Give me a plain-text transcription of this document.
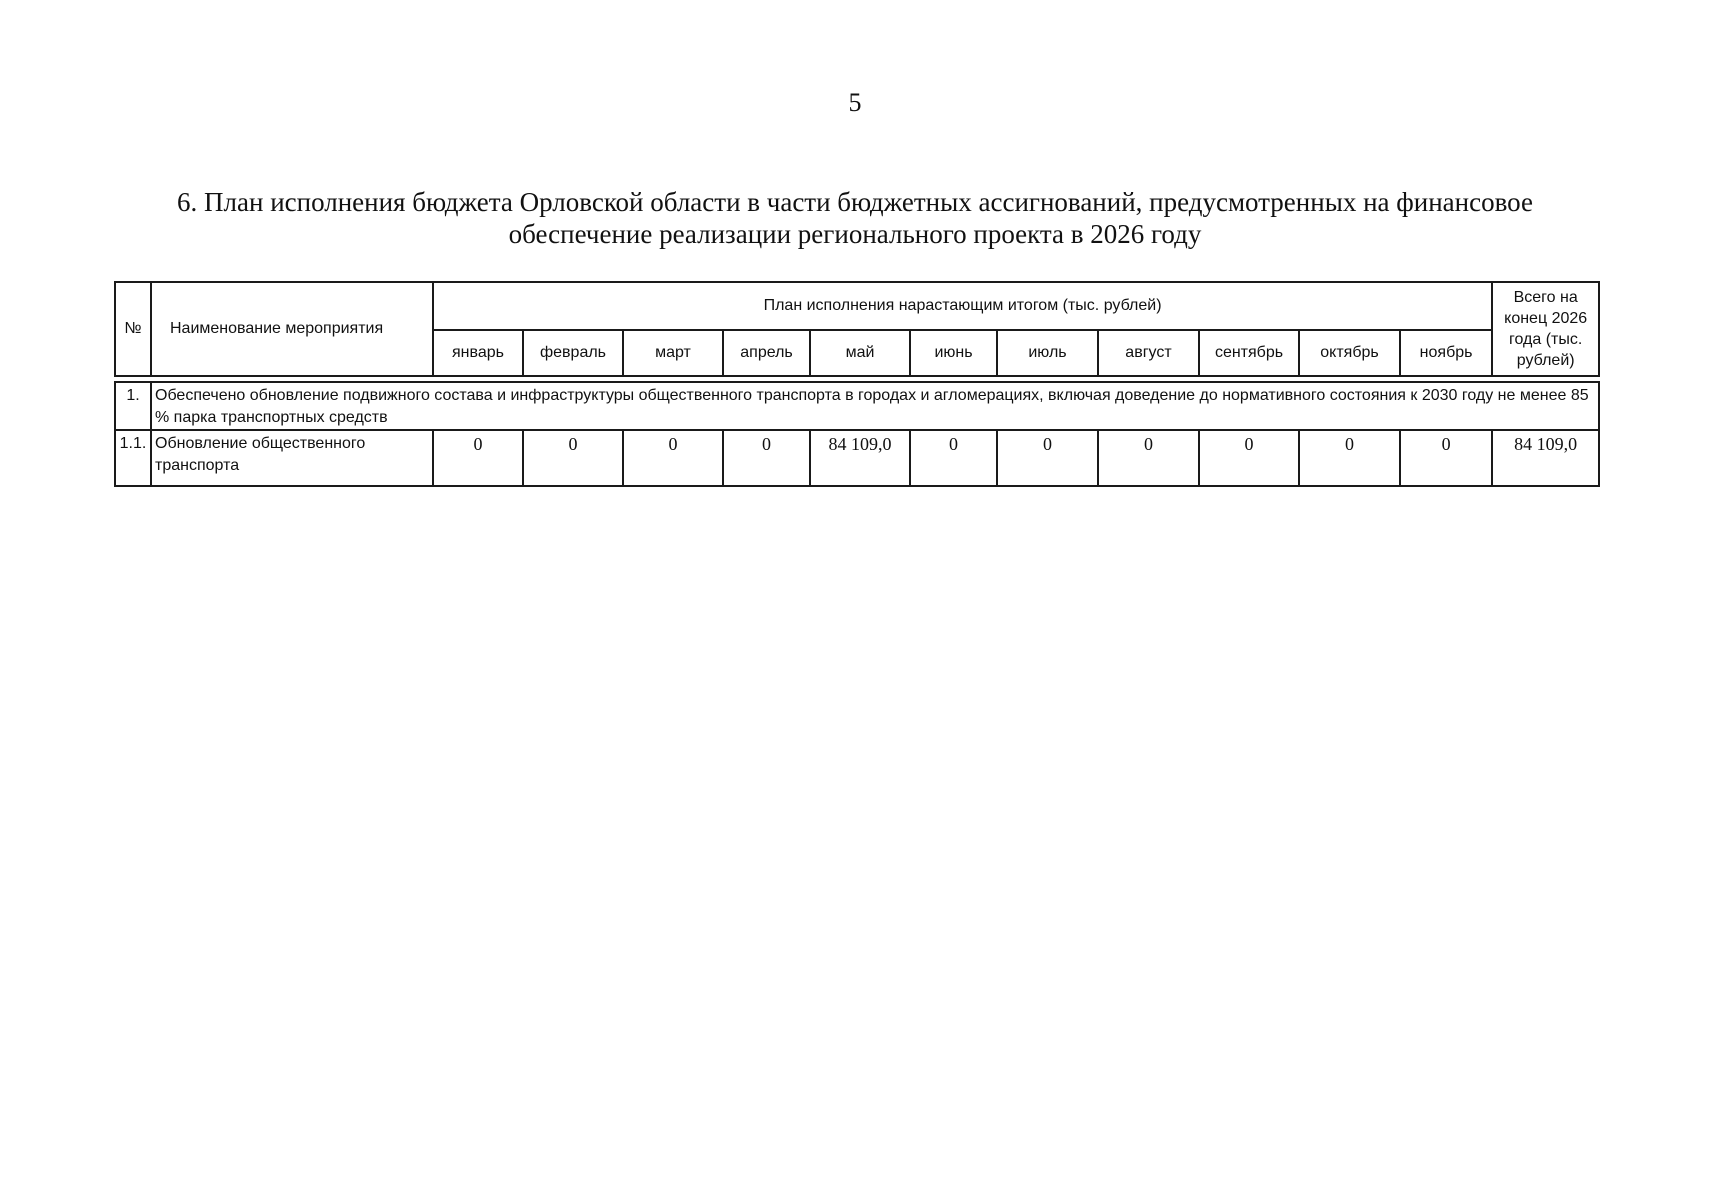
5
6. План исполнения бюджета Орловской области в части бюджетных ассигнований, предусмотренных на финансовое
обеспечение реализации регионального проекта в 2026 году
№	Наименование мероприятия	План исполнения нарастающим итогом (тыс. рублей)											Всего на конец 2026 года (тыс. рублей)
		январь	февраль	март	апрель	май	июнь	июль	август	сентябрь	октябрь	ноябрь	

1.	Обеспечено обновление подвижного состава и инфраструктуры общественного транспорта в городах и агломерациях, включая доведение до нормативного состояния к 2030 году не менее 85 % парка транспортных средств												
1.1.	Обновление общественного транспорта	0	0	0	0	84 109,0	0	0	0	0	0	0	84 109,0
